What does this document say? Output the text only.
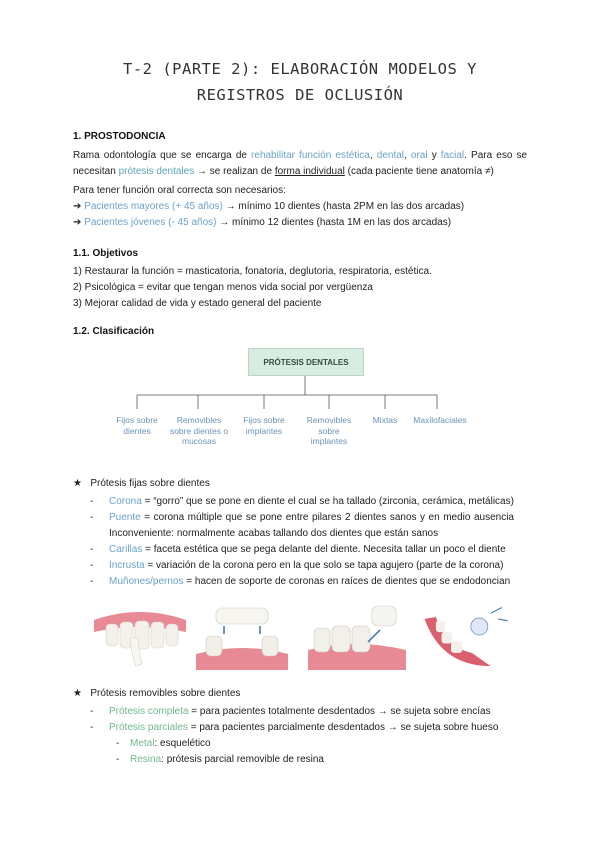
T-2 (PARTE 2): ELABORACIÓN MODELOS Y
REGISTROS DE OCLUSIÓN
1. PROSTODONCIA
Rama odontología que se encarga de rehabilitar función estética, dental, oral y facial. Para eso se
necesitan prótesis dentales → se realizan de forma individual (cada paciente tiene anatomía ≠)
Para tener función oral correcta son necesarios:
➔ Pacientes mayores (+ 45 años) → mínimo 10 dientes (hasta 2PM en las dos arcadas)
➔ Pacientes jóvenes (- 45 años) → mínimo 12 dientes (hasta 1M en las dos arcadas)
1.1. Objetivos
1) Restaurar la función = masticatoria, fonatoria, deglutoria, respiratoria, estética.
2) Psicológica = evitar que tengan menos vida social por vergüenza
3) Mejorar calidad de vida y estado general del paciente
1.2. Clasificación
PRÓTESIS DENTALES
Fijos sobre
dientes
Removibles
sobre dientes o
mucosas
Fijos sobre
implantes
Removibles
sobre
implantes
Mixtas	Maxilofaciales
★ Prótesis fijas sobre dientes
- Corona = “gorro” que se pone en diente el cual se ha tallado (zirconia, cerámica, metálicas)
- Puente = corona múltiple que se pone entre pilares 2 dientes sanos y en medio ausencia
Inconveniente: normalmente acabas tallando dos dientes que están sanos
- Carillas = faceta estética que se pega delante del diente. Necesita tallar un poco el diente
- Incrusta = variación de la corona pero en la que solo se tapa agujero (parte de la corona)
- Muñones/pernos = hacen de soporte de coronas en raíces de dientes que se endodoncian
★ Prótesis removibles sobre dientes
- Prótesis completa = para pacientes totalmente desdentados → se sujeta sobre encías
- Prótesis parciales = para pacientes parcialmente desdentados → se sujeta sobre hueso
- Metal: esquelético
- Resina: prótesis parcial removible de resina
